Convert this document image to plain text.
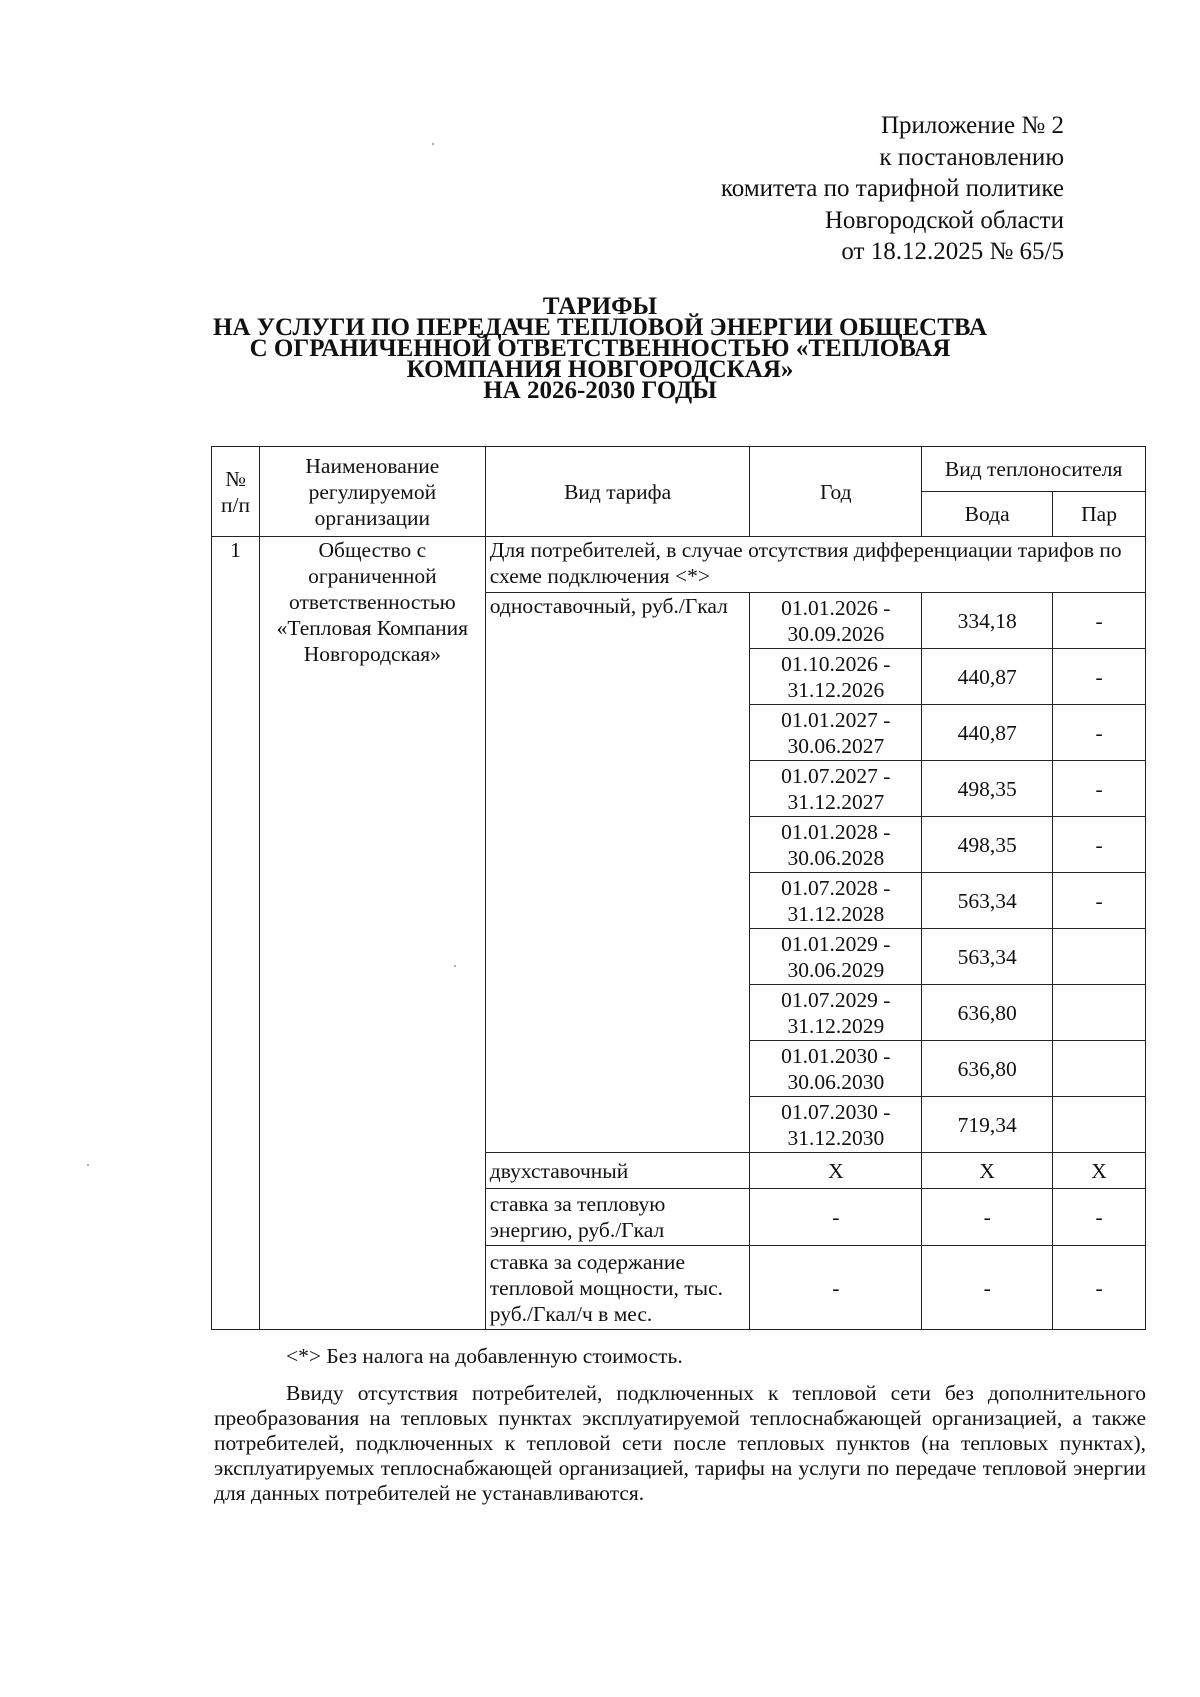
Приложение № 2
к постановлению
комитета по тарифной политике
Новгородской области
от 18.12.2025 № 65/5
ТАРИФЫ
НА УСЛУГИ ПО ПЕРЕДАЧЕ ТЕПЛОВОЙ ЭНЕРГИИ ОБЩЕСТВА
С ОГРАНИЧЕННОЙ ОТВЕТСТВЕННОСТЬЮ «ТЕПЛОВАЯ
КОМПАНИЯ НОВГОРОДСКАЯ»
НА 2026-2030 ГОДЫ
№ п/п	Наименование регулируемой организации	Вид тарифа	Год	Вид теплоносителя	
				Вода	Пар
1	Общество с ограниченной ответственностью «Тепловая Компания Новгородская»	Для потребителей, в случае отсутствия дифференциации тарифов по схеме подключения <*>			
		одноставочный, руб./Гкал	01.01.2026 - 30.09.2026	334,18	-
			01.10.2026 - 31.12.2026	440,87	-
			01.01.2027 - 30.06.2027	440,87	-
			01.07.2027 - 31.12.2027	498,35	-
			01.01.2028 - 30.06.2028	498,35	-
			01.07.2028 - 31.12.2028	563,34	-
			01.01.2029 - 30.06.2029	563,34	
			01.07.2029 - 31.12.2029	636,80	
			01.01.2030 - 30.06.2030	636,80	
			01.07.2030 - 31.12.2030	719,34	
		двухставочный	X	X	X
		ставка за тепловую энергию, руб./Гкал	-	-	-
		ставка за содержание тепловой мощности, тыс. руб./Гкал/ч в мес.	-	-	-
<*> Без налога на добавленную стоимость.
Ввиду отсутствия потребителей, подключенных к тепловой сети без дополнительного преобразования на тепловых пунктах эксплуатируемой теплоснабжающей организацией, а также потребителей, подключенных к тепловой сети после тепловых пунктов (на тепловых пунктах), эксплуатируемых теплоснабжающей организацией, тарифы на услуги по передаче тепловой энергии для данных потребителей не устанавливаются.
